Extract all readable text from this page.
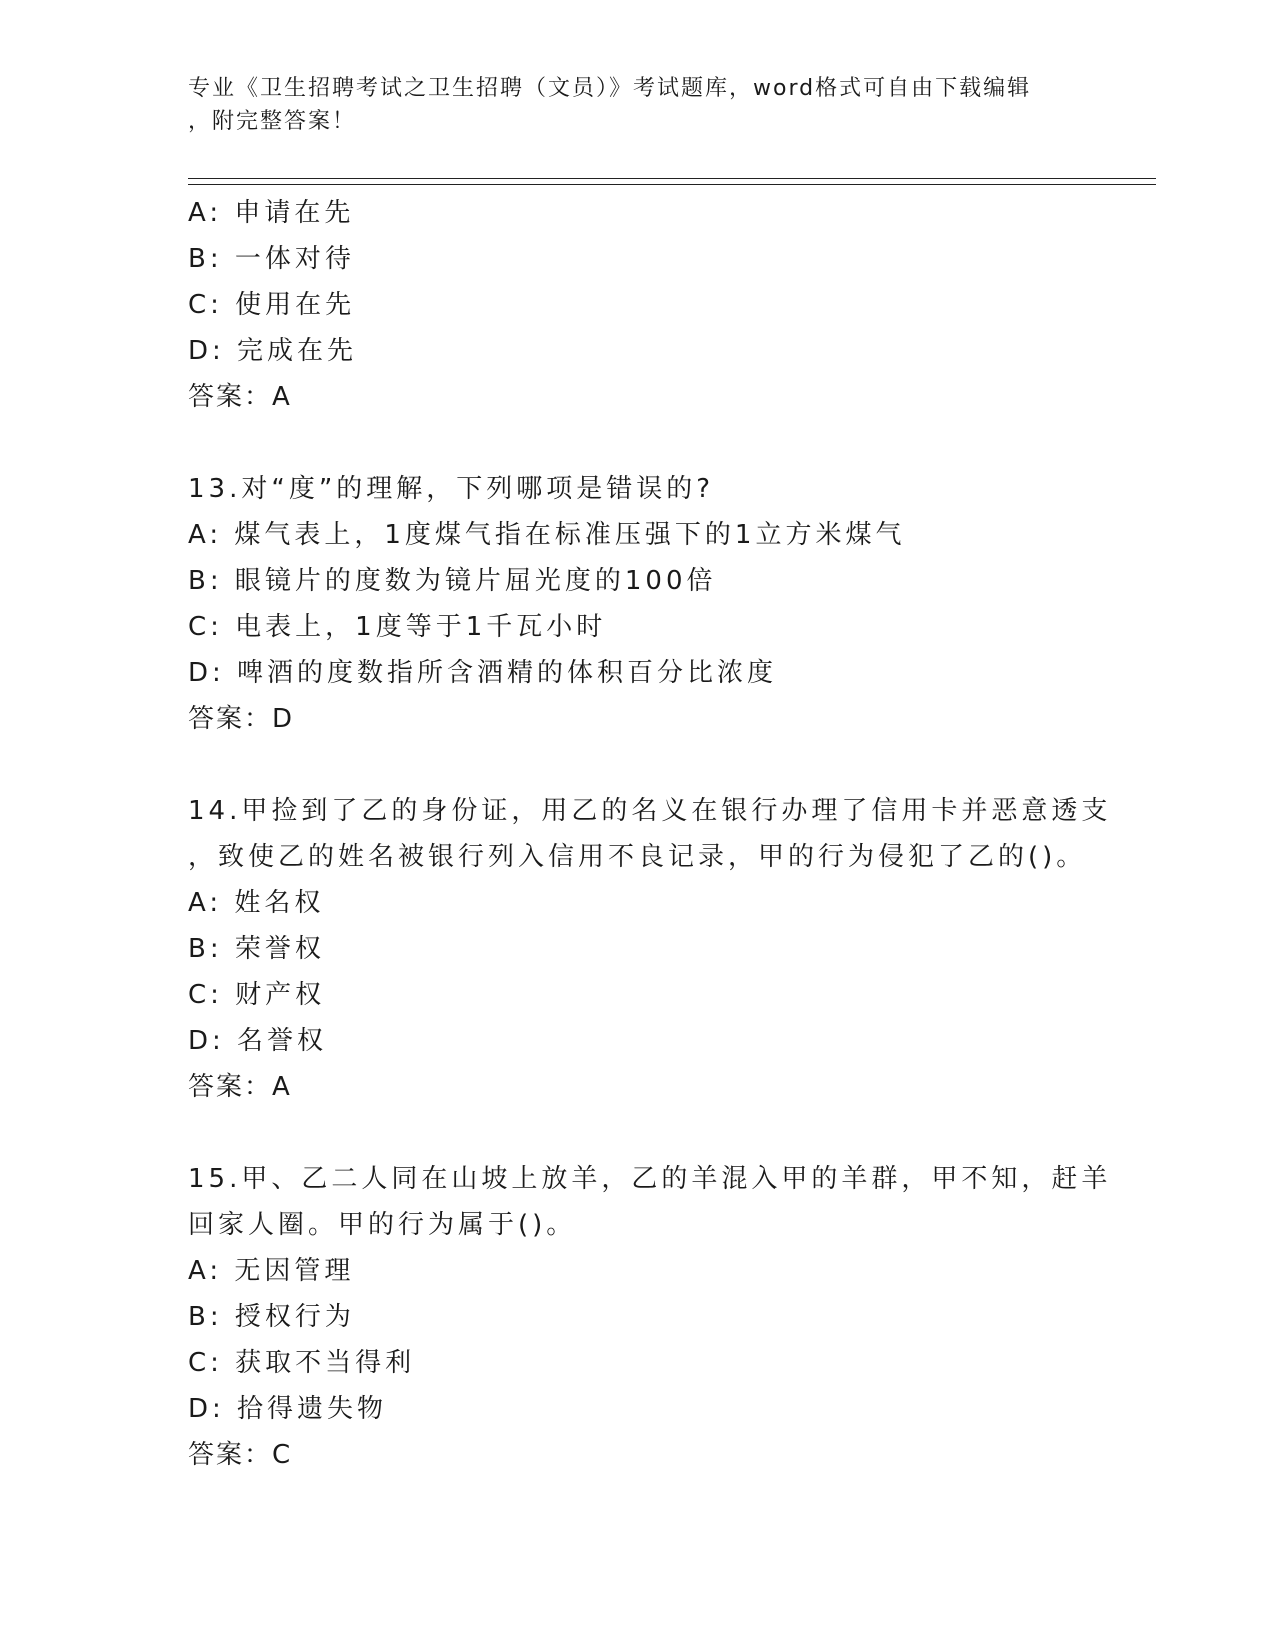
专业《卫生招聘考试之卫生招聘（文员）》考试题库，word格式可自由下载编辑
，附完整答案！
A: 申请在先
B: 一体对待
C: 使用在先
D: 完成在先
答案：A
13.对“度”的理解，下列哪项是错误的?
A: 煤气表上，1度煤气指在标准压强下的1立方米煤气
B: 眼镜片的度数为镜片屈光度的100倍
C: 电表上，1度等于1千瓦小时
D: 啤酒的度数指所含酒精的体积百分比浓度
答案：D
14.甲捡到了乙的身份证，用乙的名义在银行办理了信用卡并恶意透支
，致使乙的姓名被银行列入信用不良记录，甲的行为侵犯了乙的()。
A: 姓名权
B: 荣誉权
C: 财产权
D: 名誉权
答案：A
15.甲、乙二人同在山坡上放羊，乙的羊混入甲的羊群，甲不知，赶羊
回家人圈。甲的行为属于()。
A: 无因管理
B: 授权行为
C: 获取不当得利
D: 拾得遗失物
答案：C
